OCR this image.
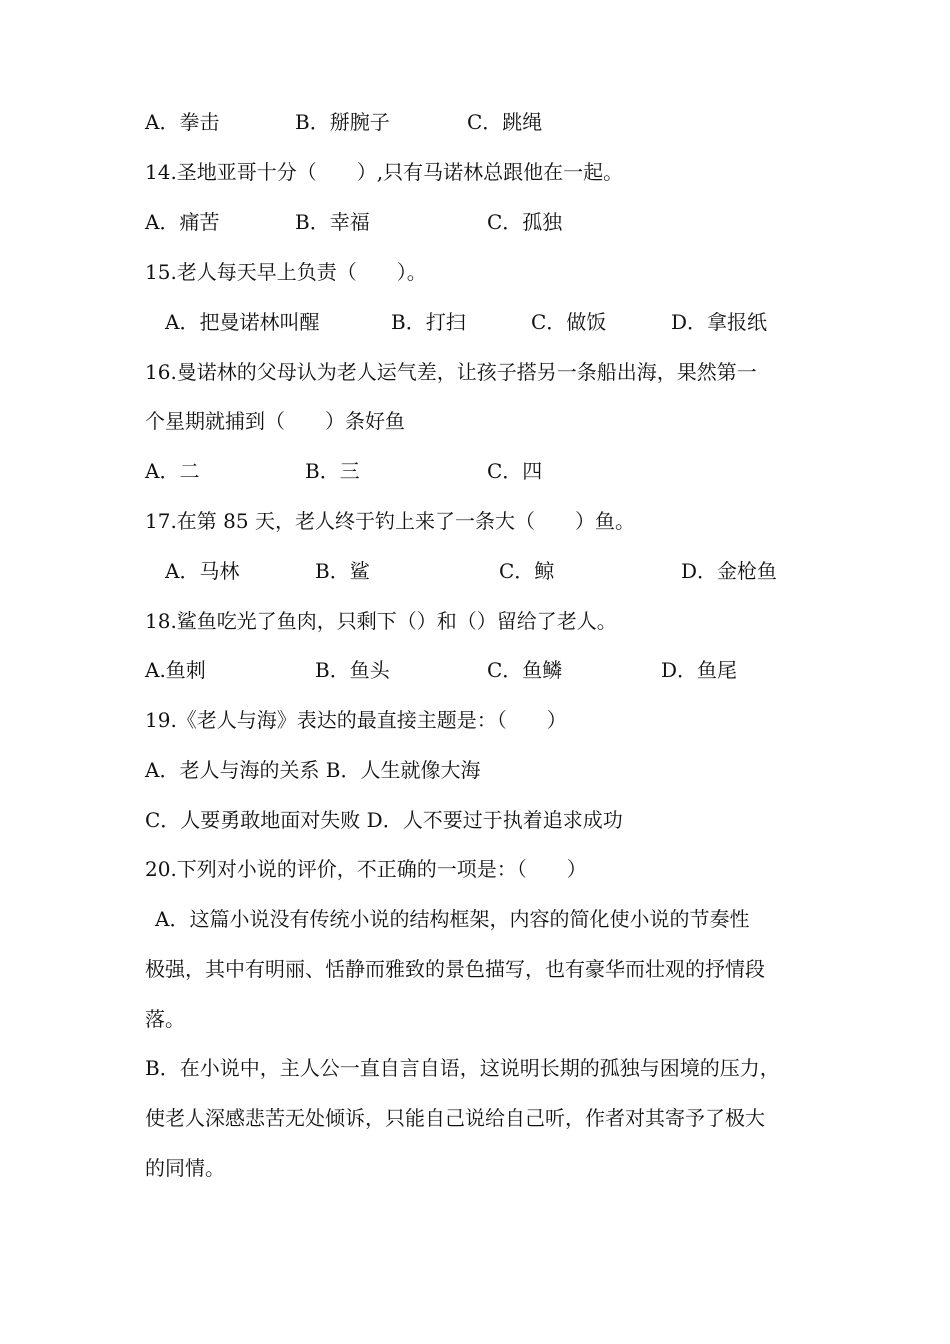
A．拳击	B．掰腕子	C．跳绳
14.圣地亚哥十分（　　）,只有马诺林总跟他在一起。
A．痛苦	B．幸福	C．孤独
15.老人每天早上负责（　　）。
A．把曼诺林叫醒	B．打扫	C．做饭	D．拿报纸
16.曼诺林的父母认为老人运气差，让孩子搭另一条船出海，果然第一
个星期就捕到（　　）条好鱼
A．二	B．三	C．四
17.在第 85 天，老人终于钓上来了一条大（　　）鱼。
A．马林	B．鲨	C．鲸	D．金枪鱼
18.鲨鱼吃光了鱼肉，只剩下（）和（）留给了老人。
A.鱼刺	B．鱼头	C．鱼鳞	D．鱼尾
19.《老人与海》表达的最直接主题是：（　　）
A．老人与海的关系 B．人生就像大海
C．人要勇敢地面对失败 D．人不要过于执着追求成功
20.下列对小说的评价，不正确的一项是：（　　）
A．这篇小说没有传统小说的结构框架，内容的简化使小说的节奏性
极强，其中有明丽、恬静而雅致的景色描写，也有豪华而壮观的抒情段
落。
B．在小说中，主人公一直自言自语，这说明长期的孤独与困境的压力，
使老人深感悲苦无处倾诉，只能自己说给自己听，作者对其寄予了极大
的同情。
